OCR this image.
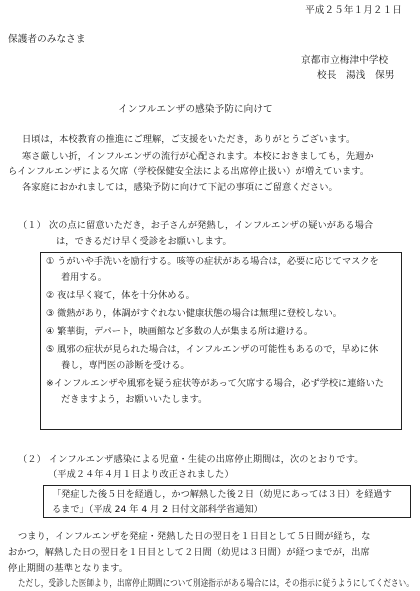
平成２５年１月２１日
保護者のみなさま
京都市立梅津中学校
校長　湯浅　保男
インフルエンザの感染予防に向けて
日頃は，本校教育の推進にご理解，ご支援をいただき，ありがとうございます。
寒さ厳しい折，インフルエンザの流行が心配されます。本校におきましても，先週か
らインフルエンザによる欠席（学校保健安全法による出席停止扱い）が増えています。
各家庭におかれましては，感染予防に向けて下記の事項にご留意ください。
（１） 次の点に留意いただき，お子さんが発熱し，インフルエンザの疑いがある場合
は，できるだけ早く受診をお願いします。
① うがいや手洗いを励行する。咳等の症状がある場合は，必要に応じてマスクを
着用する。
② 夜は早く寝て，体を十分休める。
③ 微熱があり，体調がすぐれない健康状態の場合は無理に登校しない。
④ 繁華街，デパート，映画館など多数の人が集まる所は避ける。
⑤ 風邪の症状が見られた場合は，インフルエンザの可能性もあるので，早めに休
養し，専門医の診断を受ける。
※インフルエンザや風邪を疑う症状等があって欠席する場合，必ず学校に連絡いた
だきますよう，お願いいたします。
（２） インフルエンザ感染による児童・生徒の出席停止期間は，次のとおりです。
（平成２４年４月１日より改正されました）
「発症した後５日を経過し，かつ解熱した後２日（幼児にあっては３日）を経過す
るまで」（平成 24 年 4 月 2 日付文部科学省通知）
つまり，インフルエンザを発症・発熱した日の翌日を１日目として５日間が経ち，な
おかつ，解熱した日の翌日を１日目として２日間（幼児は３日間）が経つまでが，出席
停止期間の基準となります。
ただし，受診した医師より，出席停止期間について別途指示がある場合には，その指示に従うようにしてください。
